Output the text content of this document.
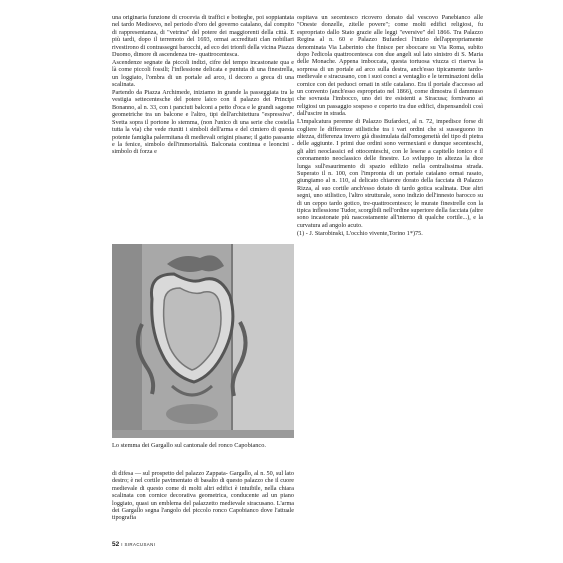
una originaria funzione di crocevia di traffici e botteghe, poi soppiantata nel tardo Medioevo, nel periodo d'oro del governo catalano, dal compito di rappresentanza, di "vetrina" del potere dei maggiorenti della città. E più tardi, dopo il terremoto del 1693, ormai accreditati clan nobiliari rivestirono di contrassegni barocchi, ad eco dei trionfi della vicina Piazza Duomo, dimore di ascendenza tre- quattrocentesca.

Ascendenze segnate da piccoli indizi, cifre del tempo incastonate qua e là come piccoli fossili; l'inflessione delicata e puntuta di una finestrella, un loggiato, l'ombra di un portale ad arco, il decoro a greca di una scalinata.

Partendo da Piazza Archimede, iniziamo in grande la passeggiata tra le vestigia settecentesche del potere laico con il palazzo dei Principi Bonanno, al n. 33, con i panciuti balconi a petto d'oca e le grandi sagome geometriche tra un balcone e l'altro, tipi dell'architettura "espressiva". Svetta sopra il portone lo stemma, (non l'unico di una serie che costella tutta la via) che vede riuniti i simboli dell'arma e del cimiero di questa potente famiglia palermitana di medievali origini pisane; il gatto passante e la fenice, simbolo dell'immortalità. Balconata continua e leoncini - simbolo di forza e

Lo stemma dei Gargallo sul cantonale del ronco Capobianco.
di difesa — sul prospetto del palazzo Zappata- Gargallo, al n. 50, sul lato destro; è nel cortile pavimentato di basalto di questo palazzo che il cuore medievale di questo come di molti altri edifici è intuibile, nella chiara scalinata con cornice decorativa geometrica, conducente ad un piano loggiato, quasi un emblema del palazzetto medievale siracusano. L'arma dei Gargallo segna l'angolo del piccolo ronco Capobianco dove l'attuale tipografia

ospitava un secentesco ricovero donato dal vescovo Panebianco alle "Oneste donzelle, zitelle povere"; come molti edifici religiosi, fu espropriato dallo Stato grazie alle leggi "eversive" del 1866. Tra Palazzo Regina al n. 60 e Palazzo Bufardeci l'inizio dell'appropriamente denominata Via Laberinto che finisce per sboccare su Via Roma, subito dopo l'edicola quattrocentesca con due angeli sul lato sinistro di S. Maria delle Monache. Appena imboccata, questa tortuosa viuzza ci riserva la sorpresa di un portale ad arco sulla destra, anch'esso tipicamente tardo-medievale e siracusano, con i suoi conci a ventaglio e le terminazioni della cornice con dei peduoci ornati in stile catalano. Era il portale d'accesso ad un convento (anch'esso espropriato nel 1866), come dimostra il dammuso che sovrasta l'imbocco, uno dei tre esistenti a Siracusa; fornivano ai religiosi un passaggio sospeso e coperto tra due edifici, dispensandoli così dall'uscire in strada.

L'impalcatura perenne di Palazzo Bufardeci, al n. 72, impedisce forse di cogliere le differenze stilistiche tra i vari ordini che si susseguono in altezza, differenza invero già dissimulata dall'omogeneità del tipo di pietra delle aggiunte. I primi due ordini sono vermexiani e dunque secenteschi, gli altri neoclassici ed ottocenteschi, con le lesene a capitello ionico e il coronamento neoclassico delle finestre. Lo sviluppo in altezza la dice lunga sull'esaurimento di spazio edilizio nella centralissima strada. Superato il n. 100, con l'impronta di un portale catalano ormai rasato, giungiamo al n. 110, al delicato chiarore dorato della facciata di Palazzo Rizza, al suo cortile anch'esso dotato di tardo gotica scalinata. Due altri segni, uno stilistico, l'altro strutturale, sono indizio dell'innesto barocco su di un ceppo tardo gotico, tre-quattrocentesco; le murate finestrelle con la tipica inflessione Tudor, scorgibili nell'ordine superiore della facciata (altre sono incastonate più nascostamente all'interno di qualche cortile...), e la curvatura ad angolo acuto.

(1) - J. Starobinski, L'occhio vivente,Torino 1*)75.

52 I SIRACUSANI
